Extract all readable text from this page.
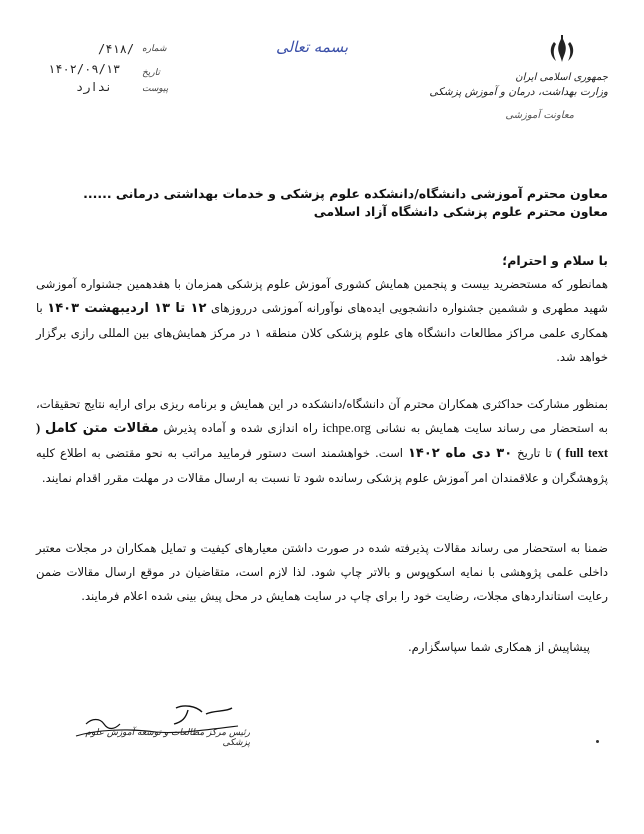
جمهوری اسلامی ایران
وزارت بهداشت، درمان و آموزش پزشکی
معاونت آموزشی
بسمه تعالی
/۴۱۸/ شماره
۱۴۰۲/۰۹/۱۳ تاریخ
ندارد	پیوست
معاون محترم آموزشی دانشگاه/دانشکده علوم پزشکی و خدمات بهداشتی درمانی ......
معاون محترم علوم پزشکی دانشگاه آزاد اسلامی
با سلام و احترام؛
همانطور که مستحضرید بیست و پنجمین همایش کشوری آموزش علوم پزشکی همزمان با هفدهمین جشنواره آموزشی شهید مطهری و ششمین جشنواره دانشجویی ایده‌های نوآورانه آموزشی درروزهای ۱۲ تا ۱۳ اردیبهشت ۱۴۰۳ با همکاری علمی مراکز مطالعات دانشگاه های علوم پزشکی کلان منطقه ۱ در مرکز همایش‌های بین المللی رازی برگزار خواهد شد.
بمنظور مشارکت حداکثری همکاران محترم آن دانشگاه/دانشکده در این همایش و برنامه ریزی برای ارایه نتایج تحقیقات، به استحضار می رساند سایت همایش به نشانی ichpe.org راه اندازی شده و آماده پذیرش مقالات متن کامل ( full text ) تا تاریخ ۳۰ دی ماه ۱۴۰۲ است. خواهشمند است دستور فرمایید مراتب به نحو مقتضی به اطلاع کلیه پژوهشگران و علاقمندان امر آموزش علوم پزشکی رسانده شود تا نسبت به ارسال مقالات در مهلت مقرر اقدام نمایند.
ضمنا به استحضار می رساند مقالات پذیرفته شده در صورت داشتن معیارهای کیفیت و تمایل همکاران در مجلات معتبر داخلی علمی پژوهشی با نمایه اسکوپوس و بالاتر چاپ شود. لذا لازم است، متقاضیان در موقع ارسال مقالات ضمن رعایت استانداردهای مجلات، رضایت خود را برای چاپ در سایت همایش در محل پیش بینی شده اعلام فرمایند.
پیشاپیش از همکاری شما سپاسگزارم.
رئیس مرکز مطالعات و توسعه آموزش علوم پزشکی
